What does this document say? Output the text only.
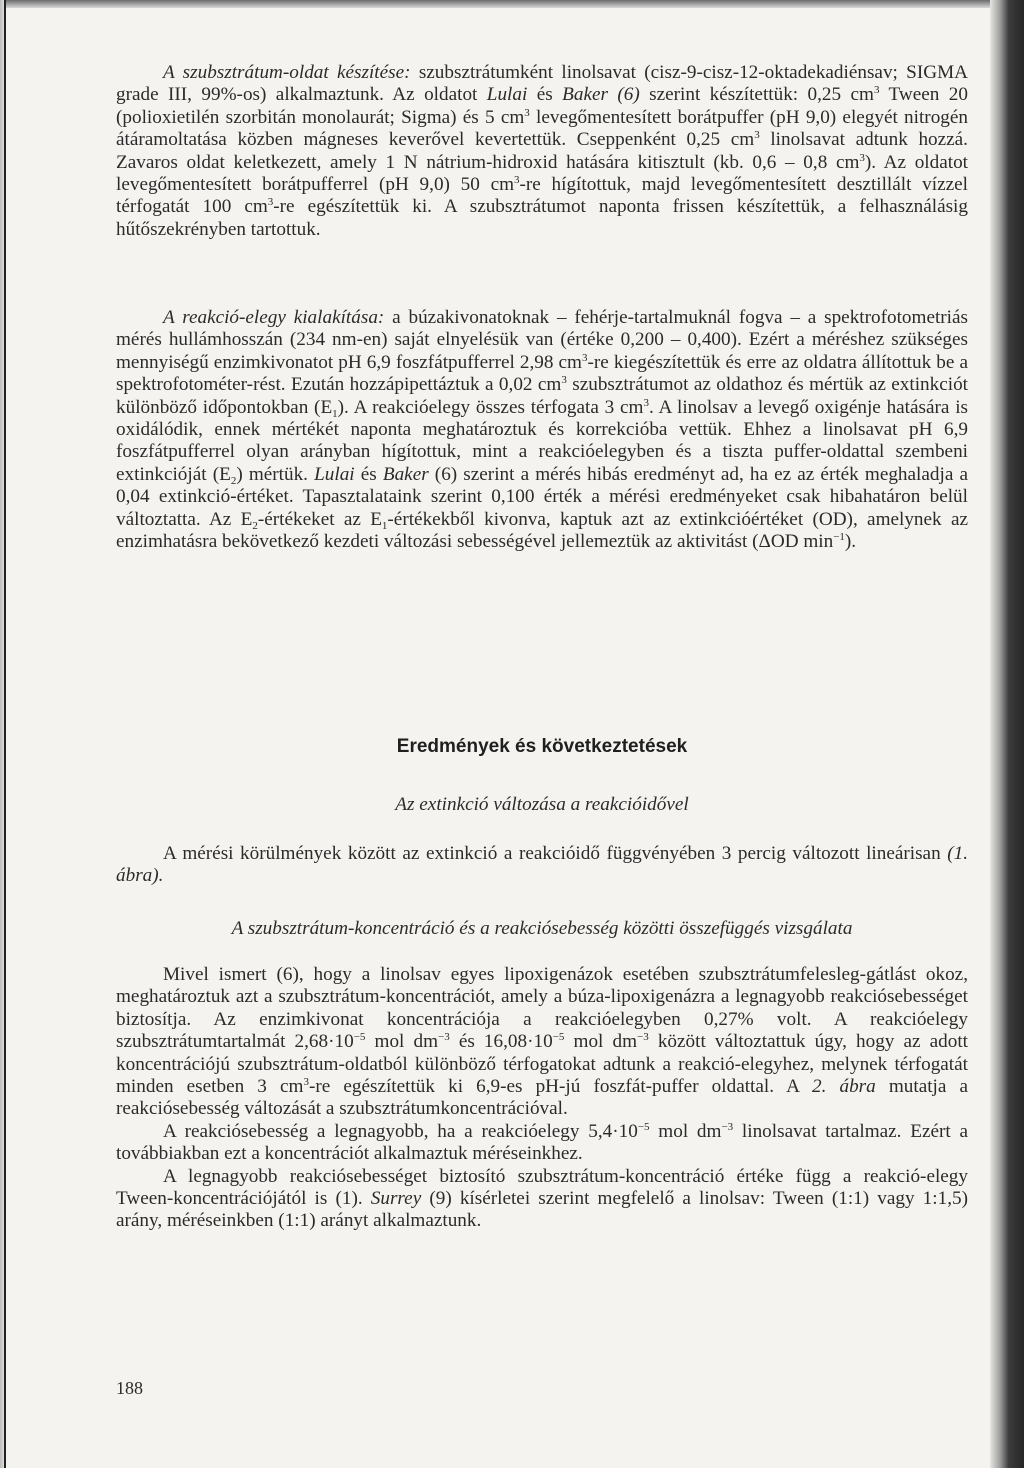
A szubsztrátum-oldat készítése: szubsztrátumként linolsavat (cisz-9-cisz-12-oktadekadiénsav; SIGMA grade III, 99%-os) alkalmaztunk. Az oldatot Lulai és Baker (6) szerint készítettük: 0,25 $cm^3$ Tween 20 (polioxietilén szorbitán monolaurát; Sigma) és 5 $cm^3$ levegőmentesített borátpuffer (pH 9,0) elegyét nitrogén átáramoltatása közben mágneses keverővel kevertettük. Cseppenként 0,25 $cm^3$ linolsavat adtunk hozzá. Zavaros oldat keletkezett, amely 1 N nátrium-hidroxid hatására kitisztult (kb. 0,6 – 0,8 $cm^3$). Az oldatot levegőmentesített borátpufferrel (pH 9,0) 50 $cm^3-re$ hígítottuk, majd levegőmentesített desztillált vízzel térfogatát 100 $cm^3-re$ egészítettük ki. A szubsztrátumot naponta frissen készítettük, a felhasználásig hűtőszekrényben tartottuk.

A reakció-elegy kialakítása: a búzakivonatoknak – fehérje-tartalmuknál fogva – a spektrofotometriás mérés hullámhosszán (234 nm-en) saját elnyelésük van (értéke 0,200 – 0,400). Ezért a méréshez szükséges mennyiségű enzimkivonatot pH 6,9 foszfátpufferrel 2,98 $cm^3-re$ kiegészítettük és erre az oldatra állítottuk be a spektrofotométer-rést. Ezután hozzápipettáztuk a 0,02 $cm^3$ szubsztrátumot az oldathoz és mértük az extinkciót különböző időpontokban $(E_1)$. A reakcióelegy összes térfogata 3 $cm^3$. A linolsav a levegő oxigénje hatására is oxidálódik, ennek mértékét naponta meghatároztuk és korrekcióba vettük. Ehhez a linolsavat pH 6,9 foszfátpufferrel olyan arányban hígítottuk, mint a reakcióelegyben és a tiszta puffer-oldattal szembeni extinkcióját $(E_2)$ mértük. Lulai és Baker (6) szerint a mérés hibás eredményt ad, ha ez az érték meghaladja a 0,04 extinkció-értéket. Tapasztalataink szerint 0,100 érték a mérési eredményeket csak hibahatáron belül változtatta. Az $E_2$-értékeket az $E_1$-értékekből kivonva, kaptuk azt az extinkcióértéket (OD), amelynek az enzimhatásra bekövetkező kezdeti változási sebességével jellemeztük az aktivitást (ΔOD $\min^{-1}$).

Eredmények és következtetések

Az extinkció változása a reakcióidővel

A mérési körülmények között az extinkció a reakcióidő függvényében 3 percig változott lineárisan (1. ábra).

A szubsztrátum-koncentráció és a reakciósebesség közötti összefüggés vizsgálata

Mivel ismert (6), hogy a linolsav egyes lipoxigenázok esetében szubsztrátumfelesleg-gátlást okoz, meghatároztuk azt a szubsztrátum-koncentrációt, amely a búza-lipoxigenázra a legnagyobb reakciósebességet biztosítja. Az enzimkivonat koncentrációja a reakcióelegyben 0,27% volt. A reakcióelegy szubsztrátumtartalmát $2,68\cdot 10^{-5}$ mol $dm^{-3}$ és $16,08\cdot 10^{-5}$ mol $dm^{-3}$ között változtattuk úgy, hogy az adott koncentrációjú szubsztrátum-oldatból különböző térfogatokat adtunk a reakció-elegyhez, melynek térfogatát minden esetben 3 $cm^3-re$ egészítettük ki 6,9-es pH-jú foszfát-puffer oldattal. A 2. ábra mutatja a reakciósebesség változását a szubsztrátumkoncentrációval.

A reakciósebesség a legnagyobb, ha a reakcióelegy $5,4\cdot 10^{-5}$ mol $dm^{-3}$ linolsavat tartalmaz. Ezért a továbbiakban ezt a koncentrációt alkalmaztuk méréseinkhez.

A legnagyobb reakciósebességet biztosító szubsztrátum-koncentráció értéke függ a reakció-elegy Tween-koncentrációjától is (1). Surrey (9) kísérletei szerint megfelelő a linolsav: Tween (1:1) vagy 1:1,5) arány, méréseinkben (1:1) arányt alkalmaztunk.

188
